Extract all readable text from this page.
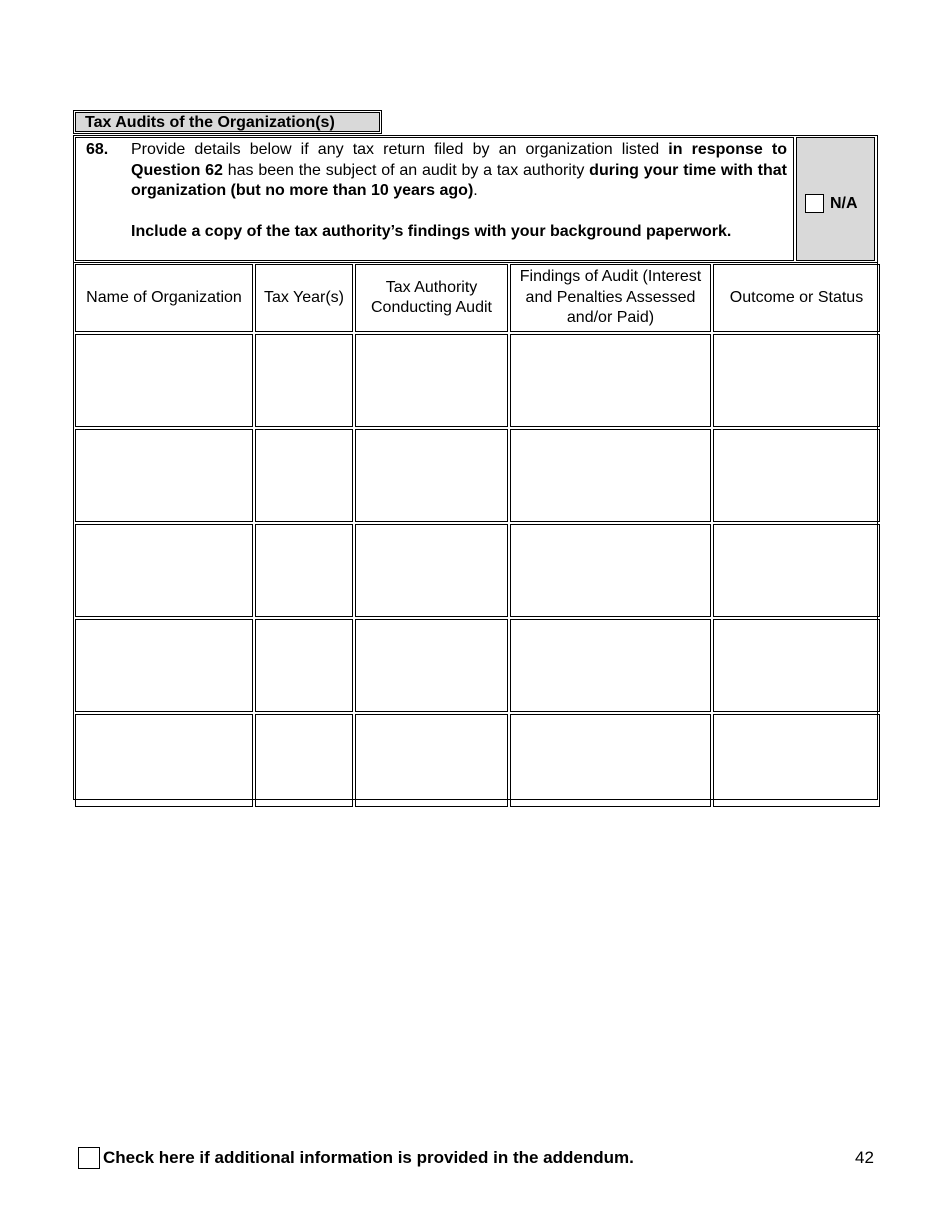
Tax Audits of the Organization(s)
68. Provide details below if any tax return filed by an organization listed in response to Question 62 has been the subject of an audit by a tax authority during your time with that organization (but no more than 10 years ago).

Include a copy of the tax authority’s findings with your background paperwork.

N/A
Name of Organization	Tax Year(s)	Tax Authority Conducting Audit	Findings of Audit (Interest and Penalties Assessed and/or Paid)	Outcome or Status

Check here if additional information is provided in the addendum.	42
